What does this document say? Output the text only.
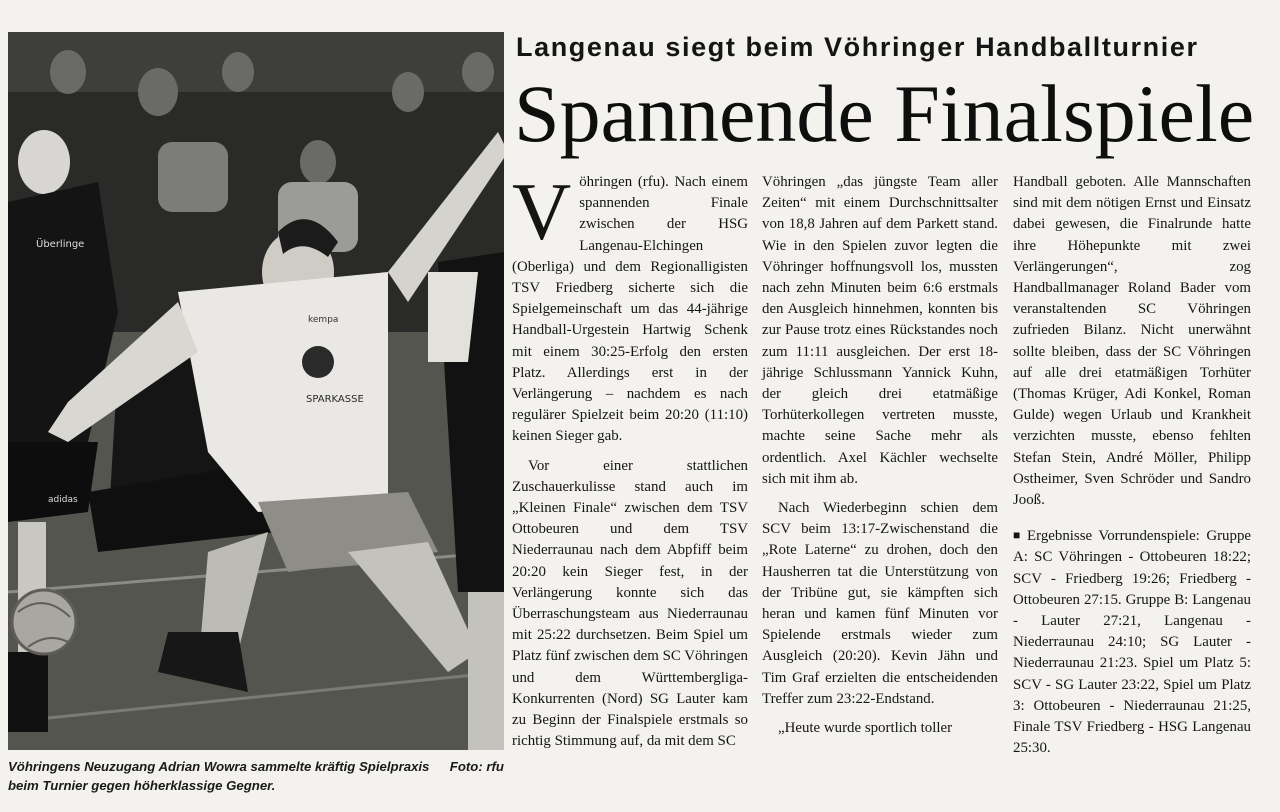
Überlinge
adidas
SPARKASSE
kempa
Foto: rfu
Vöhringens Neuzugang Adrian Wowra sammelte kräftig Spielpraxis beim Turnier gegen höherklassige Gegner.
Langenau siegt beim Vöhringer Handballturnier
Spannende Finalspiele

Vöhringen (rfu). Nach einem spannenden Finale zwischen der HSG Langenau-Elchingen (Oberliga) und dem Regionalligisten TSV Friedberg sicherte sich die Spielgemeinschaft um das 44-jährige Handball-Urgestein Hartwig Schenk mit einem 30:25-Erfolg den ersten Platz. Allerdings erst in der Verlängerung – nachdem es nach regulärer Spielzeit beim 20:20 (11:10) keinen Sieger gab.

Vor einer stattlichen Zuschauerkulisse stand auch im „Kleinen Finale“ zwischen dem TSV Ottobeuren und dem TSV Niederraunau nach dem Abpfiff beim 20:20 kein Sieger fest, in der Verlängerung konnte sich das Überraschungsteam aus Niederraunau mit 25:22 durchsetzen. Beim Spiel um Platz fünf zwischen dem SC Vöhringen und dem Württembergliga-Konkurrenten (Nord) SG Lauter kam zu Beginn der Finalspiele erstmals so richtig Stimmung auf, da mit dem SC

Vöhringen „das jüngste Team aller Zeiten“ mit einem Durchschnittsalter von 18,8 Jahren auf dem Parkett stand. Wie in den Spielen zuvor legten die Vöhringer hoffnungsvoll los, mussten nach zehn Minuten beim 6:6 erstmals den Ausgleich hinnehmen, konnten bis zur Pause trotz eines Rückstandes noch zum 11:11 ausgleichen. Der erst 18-jährige Schlussmann Yannick Kuhn, der gleich drei etatmäßige Torhüterkollegen vertreten musste, machte seine Sache mehr als ordentlich. Axel Kächler wechselte sich mit ihm ab.

Nach Wiederbeginn schien dem SCV beim 13:17-Zwischenstand die „Rote Laterne“ zu drohen, doch den Hausherren tat die Unterstützung von der Tribüne gut, sie kämpften sich heran und kamen fünf Minuten vor Spielende erstmals wieder zum Ausgleich (20:20). Kevin Jähn und Tim Graf erzielten die entscheidenden Treffer zum 23:22-Endstand.

„Heute wurde sportlich toller

Handball geboten. Alle Mannschaften sind mit dem nötigen Ernst und Einsatz dabei gewesen, die Finalrunde hatte ihre Höhepunkte mit zwei Verlängerungen“, zog Handballmanager Roland Bader vom veranstaltenden SC Vöhringen zufrieden Bilanz. Nicht unerwähnt sollte bleiben, dass der SC Vöhringen auf alle drei etatmäßigen Torhüter (Thomas Krüger, Adi Konkel, Roman Gulde) wegen Urlaub und Krankheit verzichten musste, ebenso fehlten Stefan Stein, André Möller, Philipp Ostheimer, Sven Schröder und Sandro Jooß.

■ Ergebnisse Vorrundenspiele: Gruppe A: SC Vöhringen - Ottobeuren 18:22; SCV - Friedberg 19:26; Friedberg - Ottobeuren 27:15. Gruppe B: Langenau - Lauter 27:21, Langenau - Niederraunau 24:10; SG Lauter - Niederraunau 21:23. Spiel um Platz 5: SCV - SG Lauter 23:22, Spiel um Platz 3: Ottobeuren - Niederraunau 21:25, Finale TSV Friedberg - HSG Langenau 25:30.
